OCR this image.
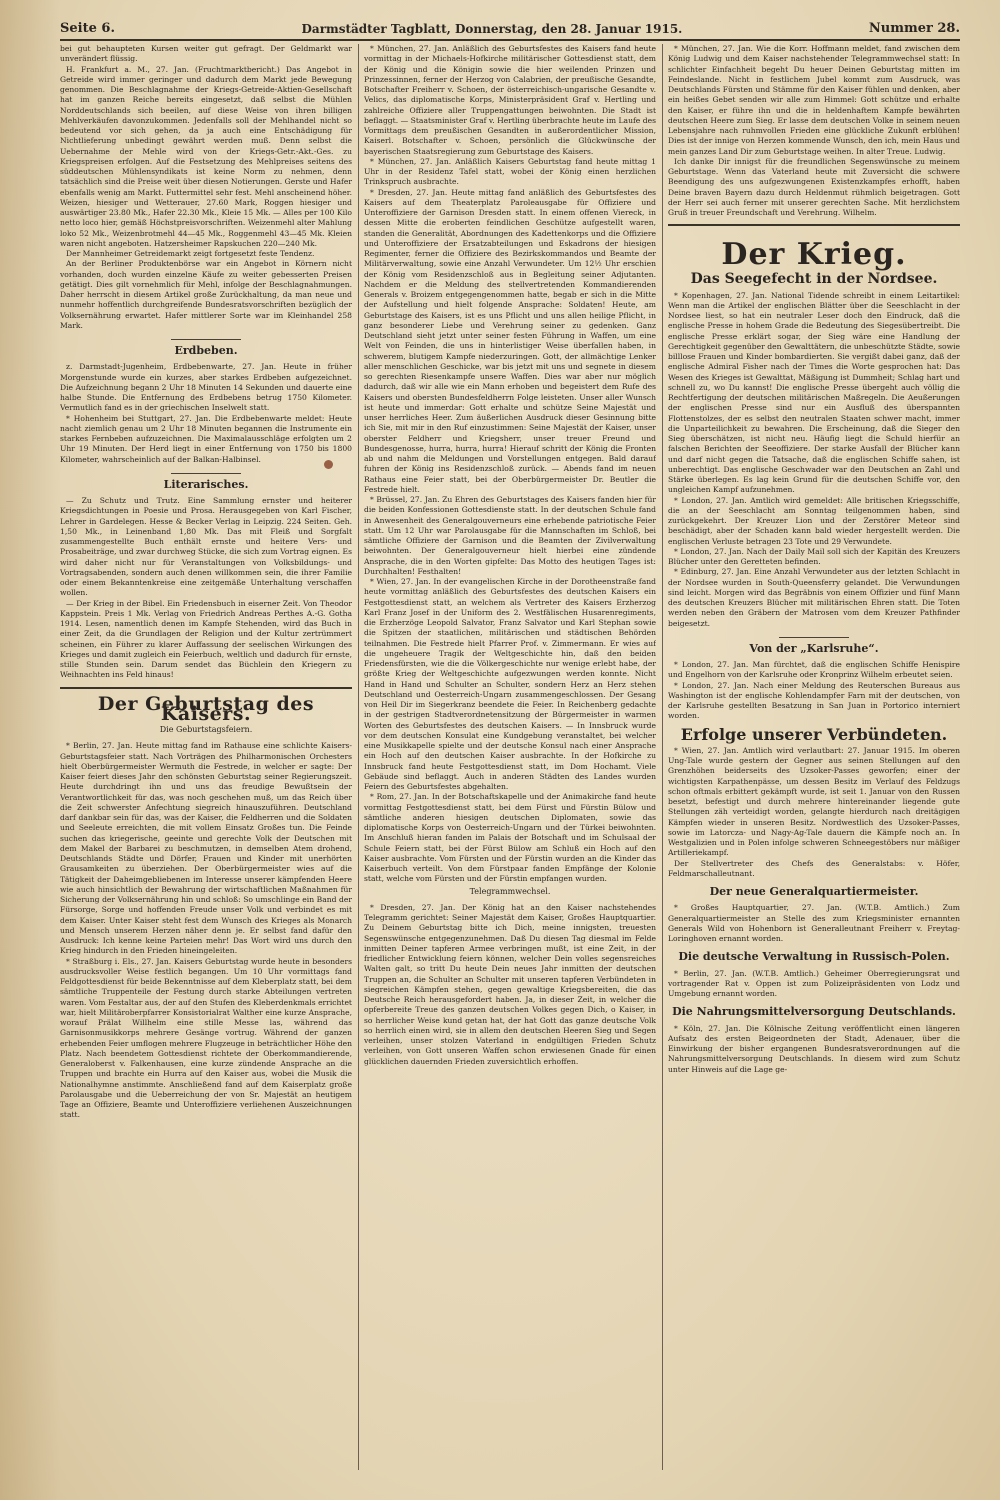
Seite 6.	Darmstädter Tagblatt, Donnerstag, den 28. Januar 1915.	Nummer 28.

bei gut behaupteten Kursen weiter gut gefragt. Der Geldmarkt war unverändert flüssig.

H. Frankfurt a. M., 27. Jan. (Fruchtmarktbericht.) Das Angebot in Getreide wird immer geringer und dadurch dem Markt jede Bewegung genommen. Die Beschlagnahme der Kriegs-Getreide-Aktien-Gesellschaft hat im ganzen Reiche bereits eingesetzt, daß selbst die Mühlen Norddeutschlands sich beeilen, auf diese Weise von ihren billigen Mehlverkäufen davonzukommen. Jedenfalls soll der Mehlhandel nicht so bedeutend vor sich gehen, da ja auch eine Entschädigung für Nichtlieferung unbedingt gewährt werden muß. Denn selbst die Uebernahme der Mehle wird von der Kriegs-Getr.-Akt.-Ges. zu Kriegspreisen erfolgen. Auf die Festsetzung des Mehlpreises seitens des süddeutschen Mühlensyndikats ist keine Norm zu nehmen, denn tatsächlich sind die Preise weit über diesen Notierungen. Gerste und Hafer ebenfalls wenig am Markt. Futtermittel sehr fest. Mehl anscheinend höher. Weizen, hiesiger und Wetterauer, 27.60 Mark, Roggen hiesiger und auswärtiger 23.80 Mk., Hafer 22.30 Mk., Kleie 15 Mk. — Alles per 100 Kilo netto loco hier, gemäß Höchstpreisvorschriften. Weizenmehl alter Mahlung loko 52 Mk., Weizenbrotmehl 44—45 Mk., Roggenmehl 43—45 Mk. Kleien waren nicht angeboten. Hatzersheimer Rapskuchen 220—240 Mk.

Der Mannheimer Getreidemarkt zeigt fortgesetzt feste Tendenz.

An der Berliner Produktenbörse war ein Angebot in Körnern nicht vorhanden, doch wurden einzelne Käufe zu weiter gebesserten Preisen getätigt. Dies gilt vornehmlich für Mehl, infolge der Beschlagnahmungen. Daher herrscht in diesem Artikel große Zurückhaltung, da man neue und nunmehr hoffentlich durchgreifende Bundesratsvorschriften bezüglich der Volksernährung erwartet. Hafer mittlerer Sorte war im Kleinhandel 258 Mark.

Erdbeben.

z. Darmstadt-Jugenheim, Erdbebenwarte, 27. Jan. Heute in früher Morgenstunde wurde ein kurzes, aber starkes Erdbeben aufgezeichnet. Die Aufzeichnung begann 2 Uhr 18 Minuten 14 Sekunden und dauerte eine halbe Stunde. Die Entfernung des Erdbebens betrug 1750 Kilometer. Vermutlich fand es in der griechischen Inselwelt statt.

* Hohenheim bei Stuttgart, 27. Jan. Die Erdbebenwarte meldet: Heute nacht ziemlich genau um 2 Uhr 18 Minuten begannen die Instrumente ein starkes Fernbeben aufzuzeichnen. Die Maximalausschläge erfolgten um 2 Uhr 19 Minuten. Der Herd liegt in einer Entfernung von 1750 bis 1800 Kilometer, wahrscheinlich auf der Balkan-Halbinsel.

Literarisches.

— Zu Schutz und Trutz. Eine Sammlung ernster und heiterer Kriegsdichtungen in Poesie und Prosa. Herausgegeben von Karl Fischer, Lehrer in Gardelegen. Hesse & Becker Verlag in Leipzig. 224 Seiten. Geh. 1,50 Mk., in Leinenband 1,80 Mk. Das mit Fleiß und Sorgfalt zusammengestellte Buch enthält ernste und heitere Vers- und Prosabeiträge, und zwar durchweg Stücke, die sich zum Vortrag eignen. Es wird daher nicht nur für Veranstaltungen von Volksbildungs- und Vortragsabenden, sondern auch denen willkommen sein, die ihrer Familie oder einem Bekanntenkreise eine zeitgemäße Unterhaltung verschaffen wollen.

— Der Krieg in der Bibel. Ein Friedensbuch in eiserner Zeit. Von Theodor Kappstein. Preis 1 Mk. Verlag von Friedrich Andreas Perthes A.-G. Gotha 1914. Lesen, namentlich denen im Kampfe Stehenden, wird das Buch in einer Zeit, da die Grundlagen der Religion und der Kultur zertrümmert scheinen, ein Führer zu klarer Auffassung der seelischen Wirkungen des Krieges und damit zugleich ein Feierbuch, weltlich und dadurch für ernste, stille Stunden sein. Darum sendet das Büchlein den Kriegern zu Weihnachten ins Feld hinaus!

Der Geburtstag des Kaisers.
Die Geburtstagsfeiern.

* Berlin, 27. Jan. Heute mittag fand im Rathause eine schlichte Kaisers-Geburtstagsfeier statt. Nach Vorträgen des Philharmonischen Orchesters hielt Oberbürgermeister Wermuth die Festrede, in welcher er sagte: Der Kaiser feiert dieses Jahr den schönsten Geburtstag seiner Regierungszeit. Heute durchdringt ihn und uns das freudige Bewußtsein der Verantwortlichkeit für das, was noch geschehen muß, um das Reich über die Zeit schwerster Anfechtung siegreich hinauszuführen. Deutschland darf dankbar sein für das, was der Kaiser, die Feldherren und die Soldaten und Seeleute erreichten, die mit vollem Einsatz Großes tun. Die Feinde suchen das kriegerische, geeinte und gerechte Volk der Deutschen mit dem Makel der Barbarei zu beschmutzen, in demselben Atem drohend, Deutschlands Städte und Dörfer, Frauen und Kinder mit unerhörten Grausamkeiten zu überziehen. Der Oberbürgermeister wies auf die Tätigkeit der Daheimgebliebenen im Interesse unserer kämpfenden Heere wie auch hinsichtlich der Bewahrung der wirtschaftlichen Maßnahmen für Sicherung der Volksernährung hin und schloß: So umschlinge ein Band der Fürsorge, Sorge und hoffenden Freude unser Volk und verbindet es mit dem Kaiser. Unter Kaiser steht fest dem Wunsch des Krieges als Monarch und Mensch unserem Herzen näher denn je. Er selbst fand dafür den Ausdruck: Ich kenne keine Parteien mehr! Das Wort wird uns durch den Krieg hindurch in den Frieden hineingeleiten.

* Straßburg i. Els., 27. Jan. Kaisers Geburtstag wurde heute in besonders ausdrucksvoller Weise festlich begangen. Um 10 Uhr vormittags fand Feldgottesdienst für beide Bekenntnisse auf dem Kleberplatz statt, bei dem sämtliche Truppenteile der Festung durch starke Abteilungen vertreten waren. Vom Festaltar aus, der auf den Stufen des Kleberdenkmals errichtet war, hielt Militäroberpfarrer Konsistorialrat Walther eine kurze Ansprache, worauf Prälat Willhelm eine stille Messe las, während das Garnisonmusikkorps mehrere Gesänge vortrug. Während der ganzen erhebenden Feier umflogen mehrere Flugzeuge in beträchtlicher Höhe den Platz. Nach beendetem Gottesdienst richtete der Oberkommandierende, Generaloberst v. Falkenhausen, eine kurze zündende Ansprache an die Truppen und brachte ein Hurra auf den Kaiser aus, wobei die Musik die Nationalhymne anstimmte. Anschließend fand auf dem Kaiserplatz große Parolausgabe und die Ueberreichung der von Sr. Majestät an heutigem Tage an Offiziere, Beamte und Unteroffiziere verliehenen Auszeichnungen statt.

* München, 27. Jan. Anläßlich des Geburtsfestes des Kaisers fand heute vormittag in der Michaels-Hofkirche militärischer Gottesdienst statt, dem der König und die Königin sowie die hier weilenden Prinzen und Prinzessinnen, ferner der Herzog von Calabrien, der preußische Gesandte, Botschafter Freiherr v. Schoen, der österreichisch-ungarische Gesandte v. Velics, das diplomatische Korps, Ministerpräsident Graf v. Hertling und zahlreiche Offiziere aller Truppengattungen beiwohnten. Die Stadt ist beflaggt. — Staatsminister Graf v. Hertling überbrachte heute im Laufe des Vormittags dem preußischen Gesandten in außerordentlicher Mission, Kaiserl. Botschafter v. Schoen, persönlich die Glückwünsche der bayerischen Staatsregierung zum Geburtstage des Kaisers.

* München, 27. Jan. Anläßlich Kaisers Geburtstag fand heute mittag 1 Uhr in der Residenz Tafel statt, wobei der König einen herzlichen Trinkspruch ausbrachte.

* Dresden, 27. Jan. Heute mittag fand anläßlich des Geburtsfestes des Kaisers auf dem Theaterplatz Paroleausgabe für Offiziere und Unteroffiziere der Garnison Dresden statt. In einem offenen Viereck, in dessen Mitte die eroberten feindlichen Geschütze aufgestellt waren, standen die Generalität, Abordnungen des Kadettenkorps und die Offiziere und Unteroffiziere der Ersatzabteilungen und Eskadrons der hiesigen Regimenter, ferner die Offiziere des Bezirkskommandos und Beamte der Militärverwaltung, sowie eine Anzahl Verwundeter. Um 12½ Uhr erschien der König vom Residenzschloß aus in Begleitung seiner Adjutanten. Nachdem er die Meldung des stellvertretenden Kommandierenden Generals v. Broizem entgegengenommen hatte, begab er sich in die Mitte der Aufstellung und hielt folgende Ansprache: Soldaten! Heute, am Geburtstage des Kaisers, ist es uns Pflicht und uns allen heilige Pflicht, in ganz besonderer Liebe und Verehrung seiner zu gedenken. Ganz Deutschland sieht jetzt unter seiner festen Führung in Waffen, um eine Welt von Feinden, die uns in hinterlistiger Weise überfallen haben, in schwerem, blutigem Kampfe niederzuringen. Gott, der allmächtige Lenker aller menschlichen Geschicke, war bis jetzt mit uns und segnete in diesem so gerechten Riesenkampfe unsere Waffen. Dies war aber nur möglich dadurch, daß wir alle wie ein Mann erhoben und begeistert dem Rufe des Kaisers und obersten Bundesfeldherrn Folge leisteten. Unser aller Wunsch ist heute und immerdar: Gott erhalte und schütze Seine Majestät und unser herrliches Heer. Zum äußerlichen Ausdruck dieser Gesinnung bitte ich Sie, mit mir in den Ruf einzustimmen: Seine Majestät der Kaiser, unser oberster Feldherr und Kriegsherr, unser treuer Freund und Bundesgenosse, hurra, hurra, hurra! Hierauf schritt der König die Fronten ab und nahm die Meldungen und Vorstellungen entgegen. Bald darauf fuhren der König ins Residenzschloß zurück. — Abends fand im neuen Rathaus eine Feier statt, bei der Oberbürgermeister Dr. Beutler die Festrede hielt.

* Brüssel, 27. Jan. Zu Ehren des Geburtstages des Kaisers fanden hier für die beiden Konfessionen Gottesdienste statt. In der deutschen Schule fand in Anwesenheit des Generalgouverneurs eine erhebende patriotische Feier statt. Um 12 Uhr war Parolausgabe für die Mannschaften im Schloß, bei sämtliche Offiziere der Garnison und die Beamten der Zivilverwaltung beiwohnten. Der Generalgouverneur hielt hierbei eine zündende Ansprache, die in den Worten gipfelte: Das Motto des heutigen Tages ist: Durchhalten! Festhalten!

* Wien, 27. Jan. In der evangelischen Kirche in der Dorotheenstraße fand heute vormittag anläßlich des Geburtsfestes des deutschen Kaisers ein Festgottesdienst statt, an welchem als Vertreter des Kaisers Erzherzog Karl Franz Josef in der Uniform des 2. Westfälischen Husarenregiments, die Erzherzöge Leopold Salvator, Franz Salvator und Karl Stephan sowie die Spitzen der staatlichen, militärischen und städtischen Behörden teilnahmen. Die Festrede hielt Pfarrer Prof. v. Zimmermann. Er wies auf die ungeheuere Tragik der Weltgeschichte hin, daß den beiden Friedensfürsten, wie die die Völkergeschichte nur wenige erlebt habe, der größte Krieg der Weltgeschichte aufgezwungen werden konnte. Nicht Hand in Hand und Schulter an Schulter, sondern Herz an Herz stehen Deutschland und Oesterreich-Ungarn zusammengeschlossen. Der Gesang von Heil Dir im Siegerkranz beendete die Feier. In Reichenberg gedachte in der gestrigen Stadtverordnetensitzung der Bürgermeister in warmen Worten des Geburtsfestes des deutschen Kaisers. — In Innsbruck wurde vor dem deutschen Konsulat eine Kundgebung veranstaltet, bei welcher eine Musikkapelle spielte und der deutsche Konsul nach einer Ansprache ein Hoch auf den deutschen Kaiser ausbrachte. In der Hofkirche zu Innsbruck fand heute Festgottesdienst statt, im Dom Hochamt. Viele Gebäude sind beflaggt. Auch in anderen Städten des Landes wurden Feiern des Geburtsfestes abgehalten.

* Rom, 27. Jan. In der Botschaftskapelle und der Animakirche fand heute vormittag Festgottesdienst statt, bei dem Fürst und Fürstin Bülow und sämtliche anderen hiesigen deutschen Diplomaten, sowie das diplomatische Korps von Oesterreich-Ungarn und der Türkei beiwohnten. Im Anschluß hieran fanden im Palais der Botschaft und im Schulsaal der Schule Feiern statt, bei der Fürst Bülow am Schluß ein Hoch auf den Kaiser ausbrachte. Vom Fürsten und der Fürstin wurden an die Kinder das Kaiserbuch verteilt. Von dem Fürstpaar fanden Empfänge der Kolonie statt, welche vom Fürsten und der Fürstin empfangen wurden.

Telegrammwechsel.

* Dresden, 27. Jan. Der König hat an den Kaiser nachstehendes Telegramm gerichtet: Seiner Majestät dem Kaiser, Großes Hauptquartier. Zu Deinem Geburtstag bitte ich Dich, meine innigsten, treuesten Segenswünsche entgegenzunehmen. Daß Du diesen Tag diesmal im Felde inmitten Deiner tapferen Armee verbringen mußt, ist eine Zeit, in der friedlicher Entwicklung feiern können, welcher Dein volles segensreiches Walten galt, so tritt Du heute Dein neues Jahr inmitten der deutschen Truppen an, die Schulter an Schulter mit unseren tapferen Verbündeten in siegreichen Kämpfen stehen, gegen gewaltige Kriegsbereiten, die das Deutsche Reich herausgefordert haben. Ja, in dieser Zeit, in welcher die opferbereite Treue des ganzen deutschen Volkes gegen Dich, o Kaiser, in so herrlicher Weise kund getan hat, der hat Gott das ganze deutsche Volk so herrlich einen wird, sie in allem den deutschen Heeren Sieg und Segen verleihen, unser stolzen Vaterland in endgültigen Frieden Schutz verleihen, von Gott unseren Waffen schon erwiesenen Gnade für einen glücklichen dauernden Frieden zuversichtlich erhoffen.

* München, 27. Jan. Wie die Korr. Hoffmann meldet, fand zwischen dem König Ludwig und dem Kaiser nachstehender Telegrammwechsel statt: In schlichter Einfachheit begeht Du heuer Deinen Geburtstag mitten im Feindeslande. Nicht in festlichem Jubel kommt zum Ausdruck, was Deutschlands Fürsten und Stämme für den Kaiser fühlen und denken, aber ein heißes Gebet senden wir alle zum Himmel: Gott schütze und erhalte den Kaiser, er führe ihn und die in heldenhaftem Kampfe bewährten deutschen Heere zum Sieg. Er lasse dem deutschen Volke in seinem neuen Lebensjahre nach ruhmvollen Frieden eine glückliche Zukunft erblühen! Dies ist der innige von Herzen kommende Wunsch, den ich, mein Haus und mein ganzes Land Dir zum Geburtstage weihen. In alter Treue. Ludwig.

Ich danke Dir innigst für die freundlichen Segenswünsche zu meinem Geburtstage. Wenn das Vaterland heute mit Zuversicht die schwere Beendigung des uns aufgezwungenen Existenzkampfes erhofft, haben Deine braven Bayern dazu durch Heldenmut rühmlich beigetragen. Gott der Herr sei auch ferner mit unserer gerechten Sache. Mit herzlichstem Gruß in treuer Freundschaft und Verehrung. Wilhelm.

Der Krieg.
Das Seegefecht in der Nordsee.

* Kopenhagen, 27. Jan. National Tidende schreibt in einem Leitartikel: Wenn man die Artikel der englischen Blätter über die Seeschlacht in der Nordsee liest, so hat ein neutraler Leser doch den Eindruck, daß die englische Presse in hohem Grade die Bedeutung des Siegesübertreibt. Die englische Presse erklärt sogar, der Sieg wäre eine Handlung der Gerechtigkeit gegenüber den Gewalttätern, die unbeschützte Städte, sowie billlose Frauen und Kinder bombardierten. Sie vergißt dabei ganz, daß der englische Admiral Fisher nach der Times die Worte gesprochen hat: Das Wesen des Krieges ist Gewalttat, Mäßigung ist Dummheit; Schlag hart und schnell zu, wo Du kannst! Die englische Presse übergeht auch völlig die Rechtfertigung der deutschen militärischen Maßregeln. Die Aeußerungen der englischen Presse sind nur ein Ausfluß des überspannten Flottenstolzes, der es selbst den neutralen Staaten schwer macht, immer die Unparteilichkeit zu bewahren. Die Erscheinung, daß die Sieger den Sieg überschätzen, ist nicht neu. Häufig liegt die Schuld hierfür an falschen Berichten der Seeoffiziere. Der starke Ausfall der Blücher kann und darf nicht gegen die Tatsache, daß die englischen Schiffe sahen, ist unberechtigt. Das englische Geschwader war den Deutschen an Zahl und Stärke überlegen. Es lag kein Grund für die deutschen Schiffe vor, den ungleichen Kampf aufzunehmen.

* London, 27. Jan. Amtlich wird gemeldet: Alle britischen Kriegsschiffe, die an der Seeschlacht am Sonntag teilgenommen haben, sind zurückgekehrt. Der Kreuzer Lion und der Zerstörer Meteor sind beschädigt, aber der Schaden kann bald wieder hergestellt werden. Die englischen Verluste betragen 23 Tote und 29 Verwundete.

* London, 27. Jan. Nach der Daily Mail soll sich der Kapitän des Kreuzers Blücher unter den Geretteten befinden.

* Edinburg, 27. Jan. Eine Anzahl Verwundeter aus der letzten Schlacht in der Nordsee wurden in South-Queensferry gelandet. Die Verwundungen sind leicht. Morgen wird das Begräbnis von einem Offizier und fünf Mann des deutschen Kreuzers Blücher mit militärischen Ehren statt. Die Toten werden neben den Gräbern der Matrosen vom dem Kreuzer Pathfinder beigesetzt.

Von der „Karlsruhe“.

* London, 27. Jan. Man fürchtet, daß die englischen Schiffe Henispire und Engelhorn von der Karlsruhe oder Kronprinz Wilhelm erbeutet seien.

* London, 27. Jan. Nach einer Meldung des Reuterschen Bureaus aus Washington ist der englische Kohlendampfer Farn mit der deutschen, von der Karlsruhe gestellten Besatzung in San Juan in Portorico interniert worden.

Erfolge unserer Verbündeten.

* Wien, 27. Jan. Amtlich wird verlautbart: 27. Januar 1915. Im oberen Ung-Tale wurde gestern der Gegner aus seinen Stellungen auf den Grenzhöhen beiderseits des Uzsoker-Passes geworfen; einer der wichtigsten Karpathenpässe, um dessen Besitz im Verlauf des Feldzugs schon oftmals erbittert gekämpft wurde, ist seit 1. Januar von den Russen besetzt, befestigt und durch mehrere hintereinander liegende gute Stellungen zäh verteidigt worden, gelangte hierdurch nach dreitägigen Kämpfen wieder in unseren Besitz. Nordwestlich des Uzsoker-Passes, sowie im Latorcza- und Nagy-Ag-Tale dauern die Kämpfe noch an. In Westgalizien und in Polen infolge schweren Schneegestöbers nur mäßiger Artilleriekampf.

Der Stellvertreter des Chefs des Generalstabs: v. Höfer, Feldmarschalleutnant.

Der neue Generalquartiermeister.

* Großes Hauptquartier, 27. Jan. (W.T.B. Amtlich.) Zum Generalquartiermeister an Stelle des zum Kriegsminister ernannten Generals Wild von Hohenborn ist Generalleutnant Freiherr v. Freytag-Loringhoven ernannt worden.

Die deutsche Verwaltung in Russisch-Polen.

* Berlin, 27. Jan. (W.T.B. Amtlich.) Geheimer Oberregierungsrat und vortragender Rat v. Oppen ist zum Polizeipräsidenten von Lodz und Umgebung ernannt worden.

Die Nahrungsmittelversorgung Deutschlands.

* Köln, 27. Jan. Die Kölnische Zeitung veröffentlicht einen längeren Aufsatz des ersten Beigeordneten der Stadt, Adenauer, über die Einwirkung der bisher ergangenen Bundesratsverordnungen auf die Nahrungsmittelversorgung Deutschlands. In diesem wird zum Schutz unter Hinweis auf die Lage ge-
